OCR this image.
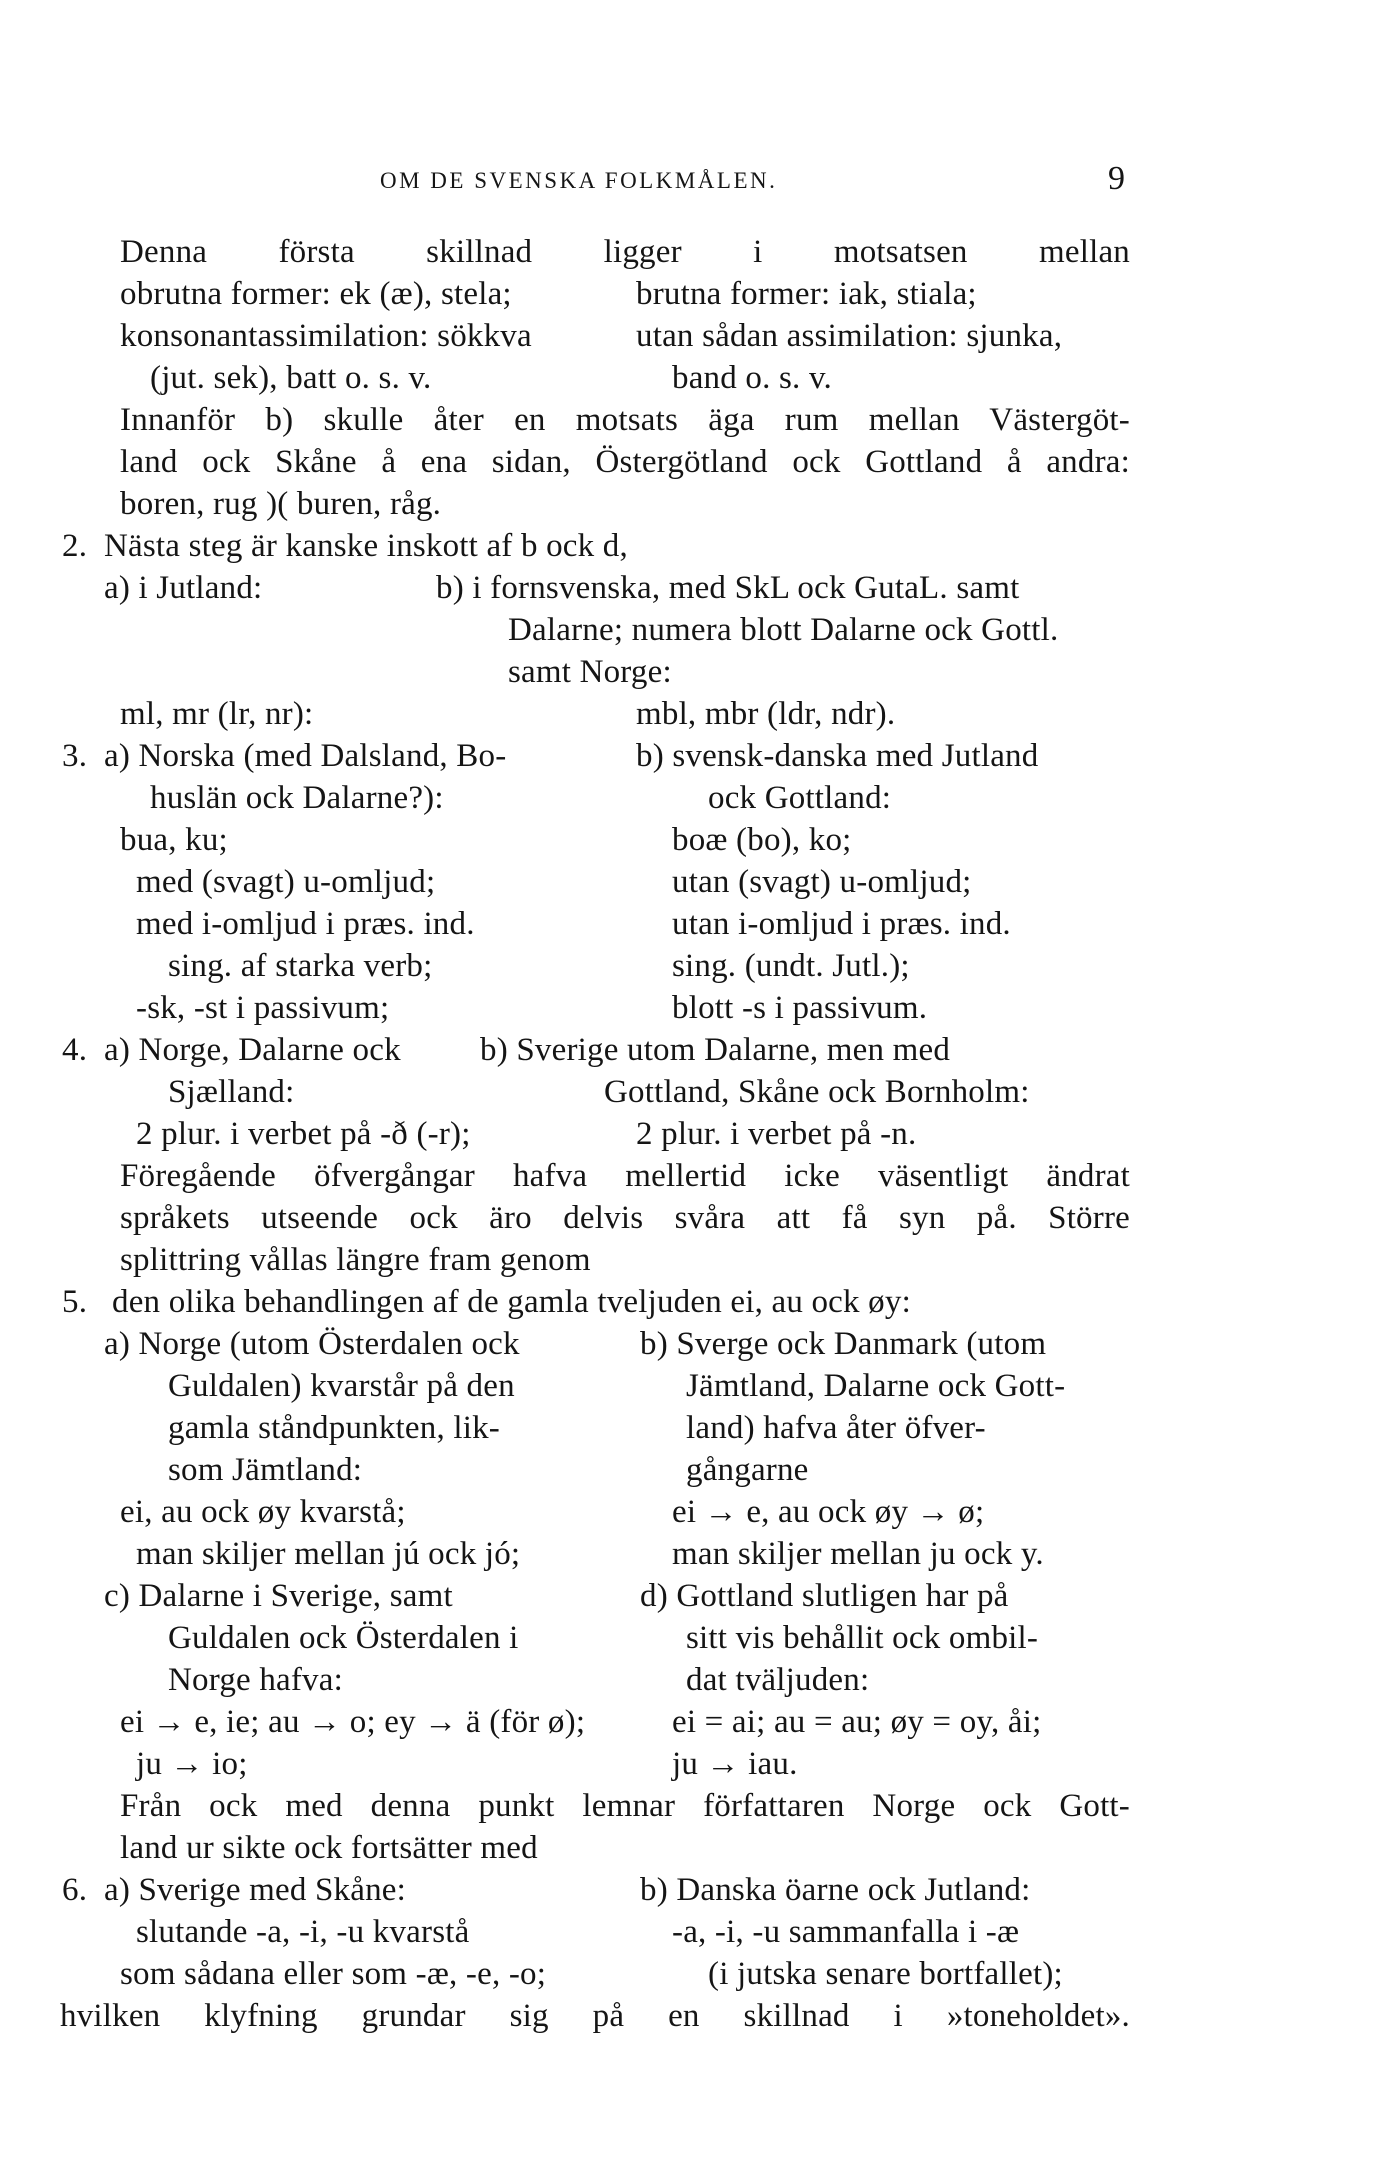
OM DE SVENSKA FOLKMÅLEN.	9
Denna första skillnad ligger i motsatsen mellan
obrutna former: ek (æ), stela;	brutna former: iak, stiala;
konsonantassimilation: sökkva	utan sådan assimilation: sjunka,
(jut. sek), batt o. s. v.	band o. s. v.
Innanför b) skulle åter en motsats äga rum mellan Västergöt-
land ock Skåne å ena sidan, Östergötland ock Gottland å andra:
boren, rug )( buren, råg.
2. Nästa steg är kanske inskott af b ock d,
a) i Jutland:	b) i fornsvenska, med SkL ock GutaL. samt
Dalarne; numera blott Dalarne ock Gottl.
samt Norge:
ml, mr (lr, nr):	mbl, mbr (ldr, ndr).
3. a) Norska (med Dalsland, Bo-	b) svensk-danska med Jutland
huslän ock Dalarne?):	ock Gottland:
bua, ku;	boæ (bo), ko;
med (svagt) u-omljud;	utan (svagt) u-omljud;
med i-omljud i præs. ind.	utan i-omljud i præs. ind.
sing. af starka verb;	sing. (undt. Jutl.);
-sk, -st i passivum;	blott -s i passivum.
4. a) Norge, Dalarne ock b) Sverige utom Dalarne, men med
Sjælland:	Gottland, Skåne ock Bornholm:
2 plur. i verbet på -ð (-r);	2 plur. i verbet på -n.
Föregående öfvergångar hafva mellertid icke väsentligt ändrat
språkets utseende ock äro delvis svåra att få syn på. Större
splittring vållas längre fram genom
5. den olika behandlingen af de gamla tveljuden ei, au ock øy:
a) Norge (utom Österdalen ock	b) Sverge ock Danmark (utom
Guldalen) kvarstår på den	Jämtland, Dalarne ock Gott-
gamla ståndpunkten, lik-	land) hafva åter öfver-
som Jämtland:	gångarne
ei, au ock øy kvarstå;	ei → e, au ock øy → ø;
man skiljer mellan jú ock jó;	man skiljer mellan ju ock y.
c) Dalarne i Sverige, samt	d) Gottland slutligen har på
Guldalen ock Österdalen i	sitt vis behållit ock ombil-
Norge hafva:	dat tväljuden:
ei → e, ie; au → o; ey → ä (för ø);	ei = ai; au = au; øy = oy, åi;
ju → io;	ju → iau.
Från ock med denna punkt lemnar författaren Norge ock Gott-
land ur sikte ock fortsätter med
6. a) Sverige med Skåne:	b) Danska öarne ock Jutland:
slutande -a, -i, -u kvarstå	-a, -i, -u sammanfalla i -æ
som sådana eller som -æ, -e, -o;	(i jutska senare bortfallet);
hvilken klyfning grundar sig på en skillnad i »toneholdet».
